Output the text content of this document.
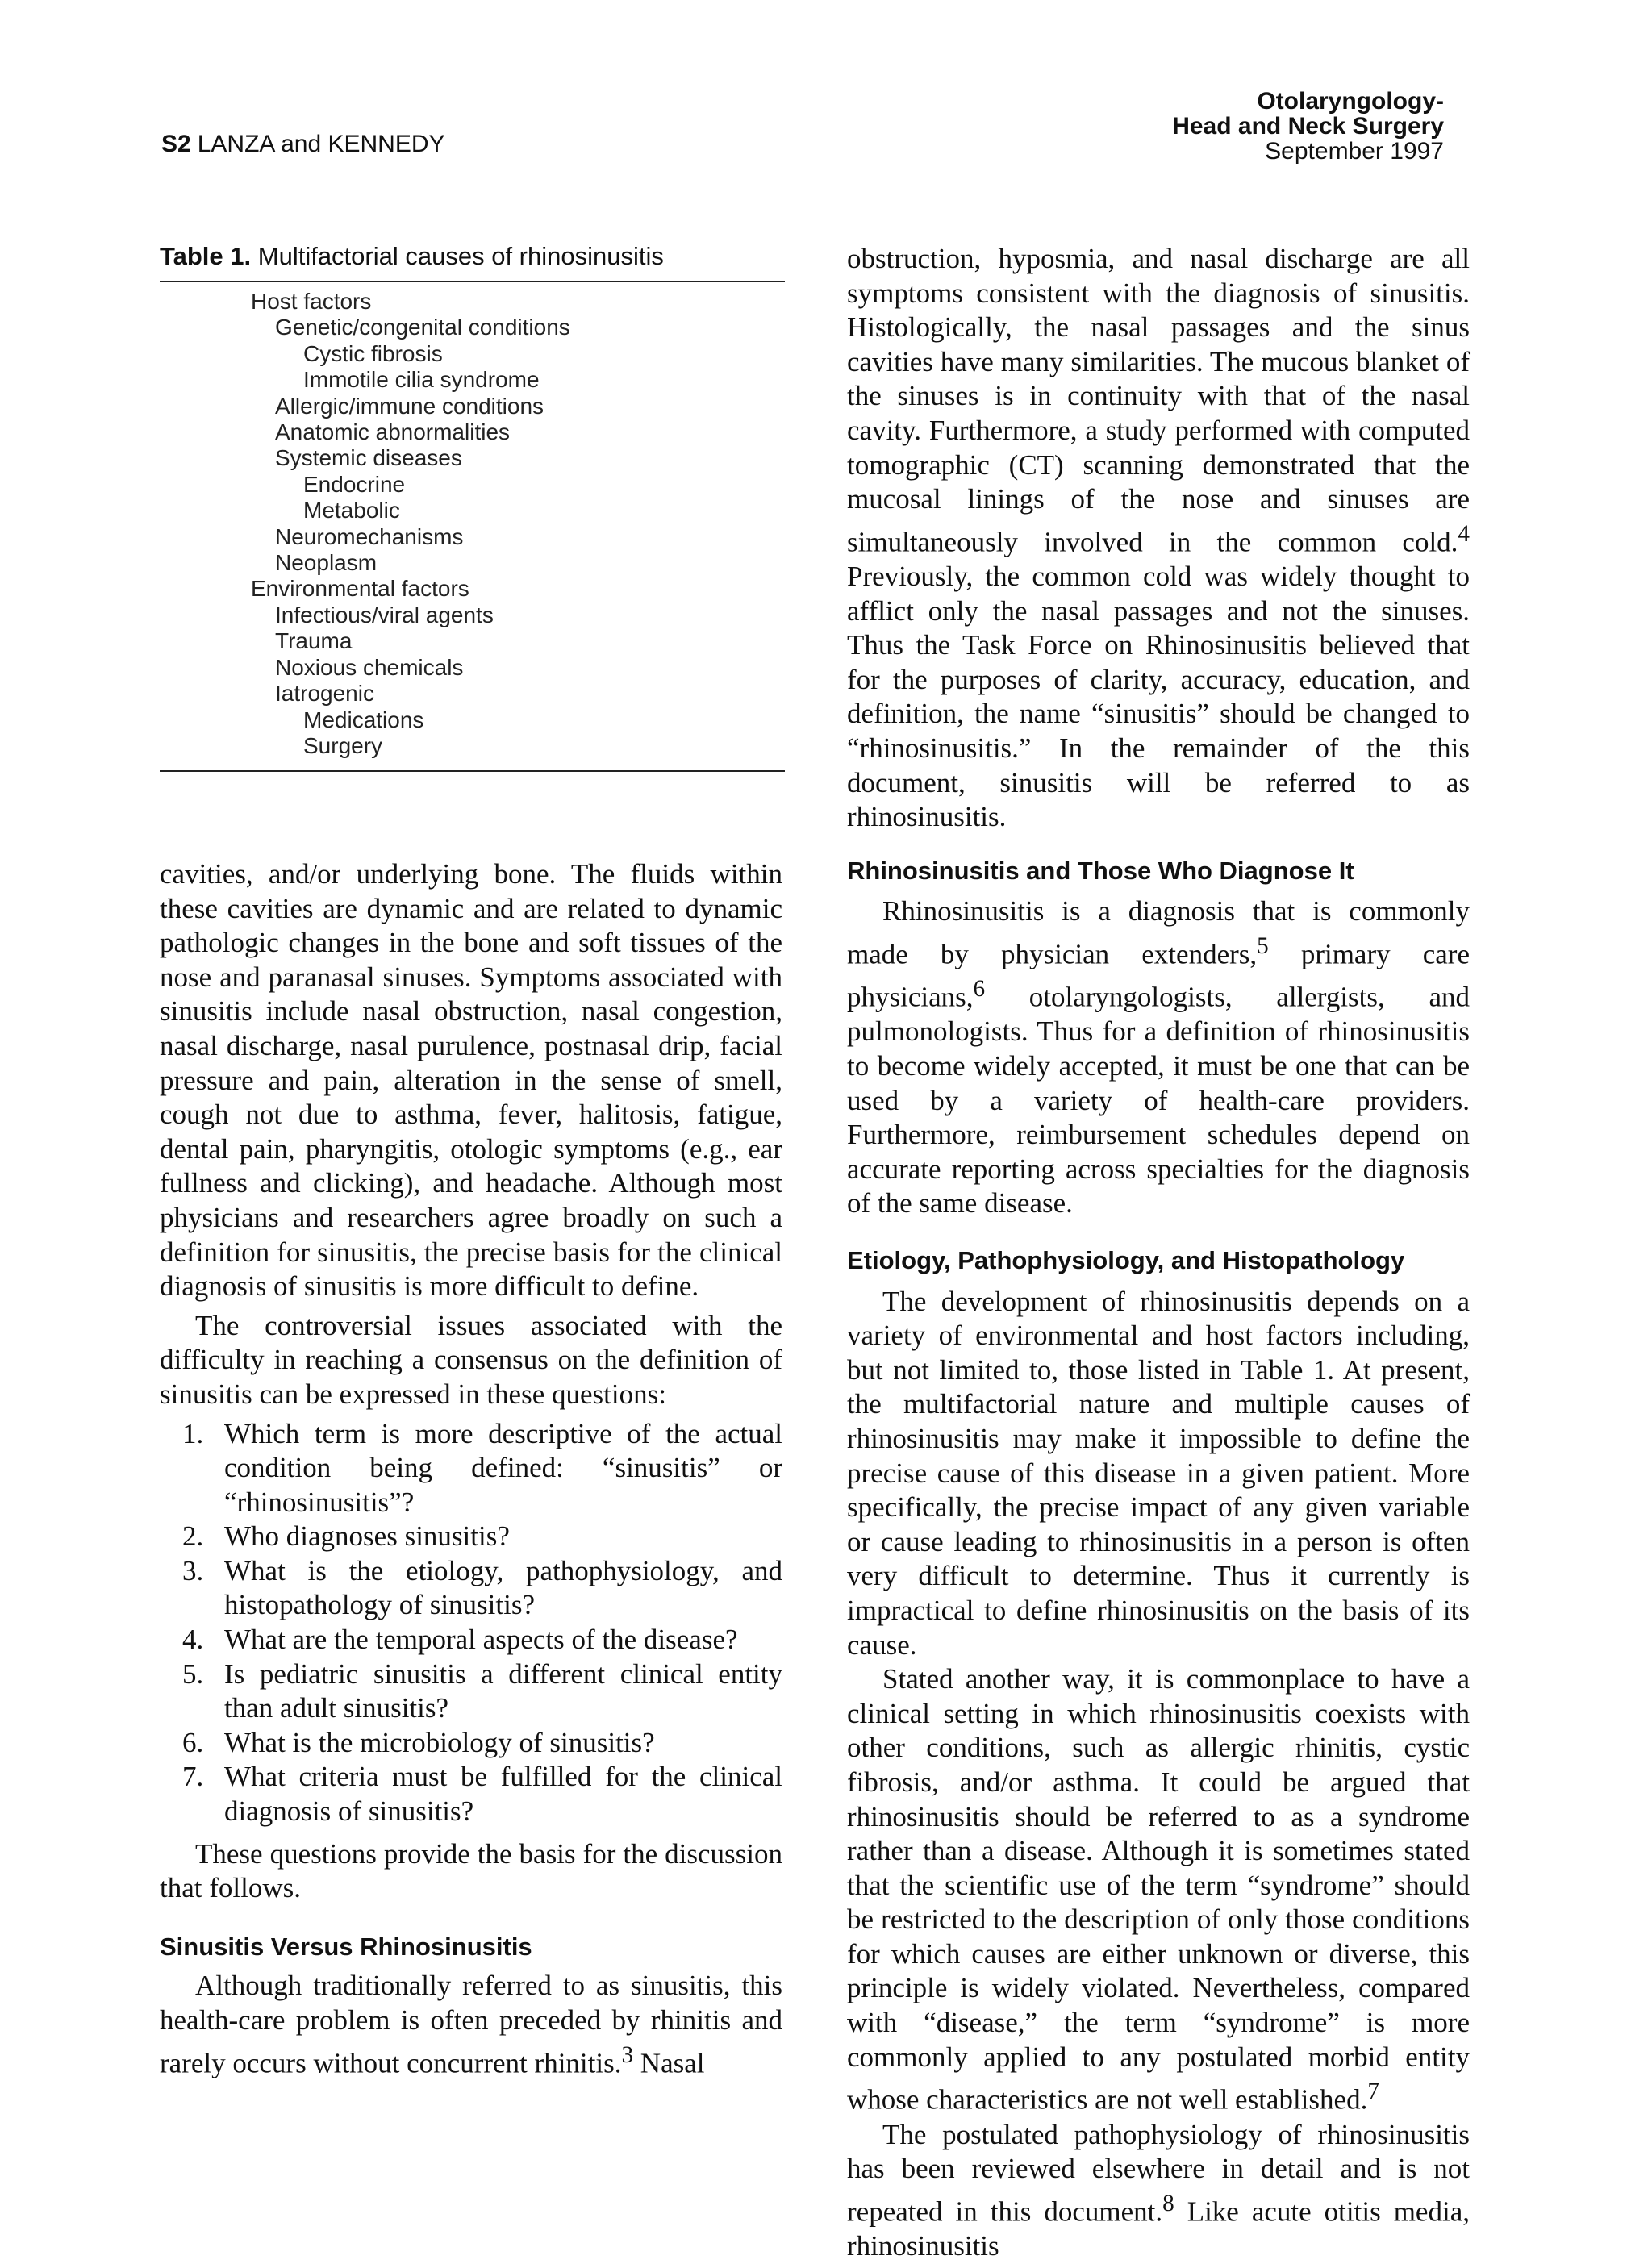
S2 LANZA and KENNEDY
Otolaryngology-
Head and Neck Surgery
September 1997
Table 1. Multifactorial causes of rhinosinusitis
Host factors
Genetic/congenital conditions
Cystic fibrosis
Immotile cilia syndrome
Allergic/immune conditions
Anatomic abnormalities
Systemic diseases
Endocrine
Metabolic
Neuromechanisms
Neoplasm
Environmental factors
Infectious/viral agents
Trauma
Noxious chemicals
Iatrogenic
Medications
Surgery

cavities, and/or underlying bone. The fluids within these cavities are dynamic and are related to dynamic pathologic changes in the bone and soft tissues of the nose and paranasal sinuses. Symptoms associated with sinusitis include nasal obstruction, nasal congestion, nasal discharge, nasal purulence, postnasal drip, facial pressure and pain, alteration in the sense of smell, cough not due to asthma, fever, halitosis, fatigue, dental pain, pharyngitis, otologic symptoms (e.g., ear fullness and clicking), and headache. Although most physicians and researchers agree broadly on such a definition for sinusitis, the precise basis for the clinical diagnosis of sinusitis is more difficult to define.

The controversial issues associated with the difficulty in reaching a consensus on the definition of sinusitis can be expressed in these questions:

1. Which term is more descriptive of the actual condition being defined: “sinusitis” or “rhinosinusitis”?
2. Who diagnoses sinusitis?
3. What is the etiology, pathophysiology, and histopathology of sinusitis?
4. What are the temporal aspects of the disease?
5. Is pediatric sinusitis a different clinical entity than adult sinusitis?
6. What is the microbiology of sinusitis?
7. What criteria must be fulfilled for the clinical diagnosis of sinusitis?

These questions provide the basis for the discussion that follows.

Sinusitis Versus Rhinosinusitis

Although traditionally referred to as sinusitis, this health-care problem is often preceded by rhinitis and rarely occurs without concurrent rhinitis.$^3$ Nasal

obstruction, hyposmia, and nasal discharge are all symptoms consistent with the diagnosis of sinusitis. Histologically, the nasal passages and the sinus cavities have many similarities. The mucous blanket of the sinuses is in continuity with that of the nasal cavity. Furthermore, a study performed with computed tomographic (CT) scanning demonstrated that the mucosal linings of the nose and sinuses are simultaneously involved in the common cold.$^4$ Previously, the common cold was widely thought to afflict only the nasal passages and not the sinuses. Thus the Task Force on Rhinosinusitis believed that for the purposes of clarity, accuracy, education, and definition, the name “sinusitis” should be changed to “rhinosinusitis.” In the remainder of the this document, sinusitis will be referred to as rhinosinusitis.

Rhinosinusitis and Those Who Diagnose It

Rhinosinusitis is a diagnosis that is commonly made by physician extenders,$^5$ primary care physicians,$^6$ otolaryngologists, allergists, and pulmonologists. Thus for a definition of rhinosinusitis to become widely accepted, it must be one that can be used by a variety of health-care providers. Furthermore, reimbursement schedules depend on accurate reporting across specialties for the diagnosis of the same disease.

Etiology, Pathophysiology, and Histopathology

The development of rhinosinusitis depends on a variety of environmental and host factors including, but not limited to, those listed in Table 1. At present, the multifactorial nature and multiple causes of rhinosinusitis may make it impossible to define the precise cause of this disease in a given patient. More specifically, the precise impact of any given variable or cause leading to rhinosinusitis in a person is often very difficult to determine. Thus it currently is impractical to define rhinosinusitis on the basis of its cause.

Stated another way, it is commonplace to have a clinical setting in which rhinosinusitis coexists with other conditions, such as allergic rhinitis, cystic fibrosis, and/or asthma. It could be argued that rhinosinusitis should be referred to as a syndrome rather than a disease. Although it is sometimes stated that the scientific use of the term “syndrome” should be restricted to the description of only those conditions for which causes are either unknown or diverse, this principle is widely violated. Nevertheless, compared with “disease,” the term “syndrome” is more commonly applied to any postulated morbid entity whose characteristics are not well established.$^7$

The postulated pathophysiology of rhinosinusitis has been reviewed elsewhere in detail and is not repeated in this document.$^8$ Like acute otitis media, rhinosinusitis
